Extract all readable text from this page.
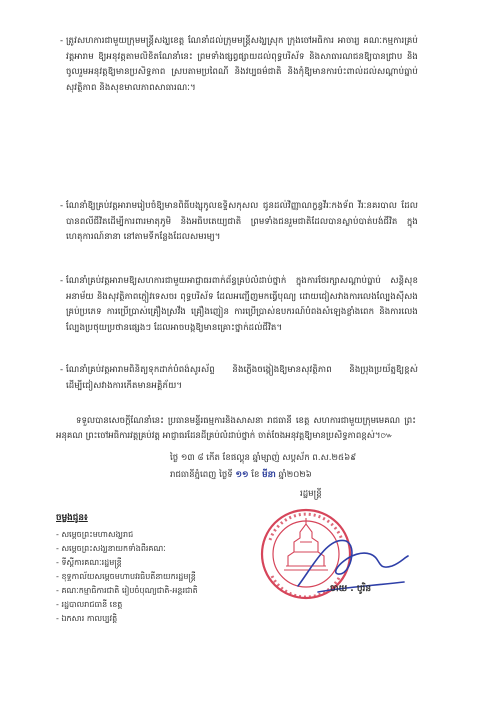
- ត្រូវសហការជាមួយក្រុមមន្ត្រីសង្ឃខេត្ត ណែនាំដល់ក្រុមមន្ត្រីសង្ឃស្រុក ក្រុងចៅអធិការ អាចារ្យ គណៈកម្មការគ្រប់វត្តអារាម ឱ្យអនុវត្តតាមលិខិតណែនាំនេះ ព្រមទាំងផ្សព្វផ្សាយដល់ពុទ្ធបរិស័ទ និងសាធារណជនឱ្យបានជ្រាប និងចូលរួមអនុវត្តឱ្យមានប្រសិទ្ធភាព ស្របតាមប្រពៃណី និងវប្បធម៌ជាតិ និងកុំឱ្យមានការប៉ះពាល់ដល់សណ្តាប់ធ្នាប់ សុវត្ថិភាព និងសុខមាលភាពសាធារណៈ។

- ណែនាំឱ្យគ្រប់វត្តអារាមរៀបចំឱ្យមានពិធីបង្សុកូលឧទ្ទិសកុសល ជូនដល់វិញ្ញាណក្ខន្ធវីរៈកងទ័ព វីរៈនគរបាល ដែលបានពលីជីវិតដើម្បីការពារមាតុភូមិ និងអធិបតេយ្យជាតិ ព្រមទាំងជនរួមជាតិដែលបានស្លាប់បាត់បង់ជីវិត ក្នុងហេតុការណ៍នានា នៅតាមទីកន្លែងដែលសមរម្យ។

- ណែនាំគ្រប់វត្តអារាមឱ្យសហការជាមួយអាជ្ញាធរពាក់ព័ន្ធគ្រប់លំដាប់ថ្នាក់ ក្នុងការថែរក្សាសណ្តាប់ធ្នាប់ សន្តិសុខ អនាម័យ និងសុវត្ថិភាពភ្ញៀវទេសចរ ពុទ្ធបរិស័ទ ដែលអញ្ជើញមកធ្វើបុណ្យ ដោយជៀសវាងការលេងល្បែងស៊ីសងគ្រប់ប្រភេទ ការប្រើប្រាស់គ្រឿងស្រវឹង គ្រឿងញៀន ការប្រើប្រាស់ឧបករណ៍បំពងសំឡេងខ្លាំងពេក និងការលេងល្បែងប្រថុយប្រថានផ្សេងៗ ដែលអាចបង្កឱ្យមានគ្រោះថ្នាក់ដល់ជីវិត។

- ណែនាំគ្រប់វត្តអារាមពិនិត្យទុកដាក់បំពង់សូរស័ព្ទ និងភ្លើងចង្កៀងឱ្យមានសុវត្ថិភាព និងប្រុងប្រយ័ត្នឱ្យខ្ពស់ ដើម្បីជៀសវាងការកើតមានអគ្គិភ័យ។

ទទួលបានសេចក្តីណែនាំនេះ ប្រធានមន្ទីរធម្មការនិងសាសនា រាជធានី ខេត្ត សហការជាមួយក្រុមមេគណ ព្រះអនុគណ ព្រះចៅអធិការវត្តគ្រប់វត្ត អាជ្ញាធរដែនដីគ្រប់លំដាប់ថ្នាក់ ចាត់ចែងអនុវត្តឱ្យមានប្រសិទ្ធភាពខ្ពស់។៚

ថ្ងៃ ១៣ ៨ កើត ខែផល្គុន ឆ្នាំម្សាញ់ សប្តស័ក ព.ស.២៥៦៩
រាជធានីភ្នំពេញ ថ្ងៃទី ១១ ខែ មីនា ឆ្នាំ២០២៦
រដ្ឋមន្ត្រី
ចាយ . បូរិន
ចម្លងជូន៖
- សម្តេចព្រះមហាសង្ឃរាជ
- សម្តេចព្រះសង្ឃនាយកទាំងពីរគណៈ
- ទីស្តីការគណៈរដ្ឋមន្ត្រី
- ខុទ្ទកាល័យសម្តេចមហាបវរធិបតីនាយករដ្ឋមន្ត្រី
- គណៈកម្មាធិការជាតិ រៀបចំបុណ្យជាតិ-អន្តរជាតិ
- រដ្ឋបាលរាជធានី ខេត្ត
- ឯកសារ កាលប្បវត្តិ
